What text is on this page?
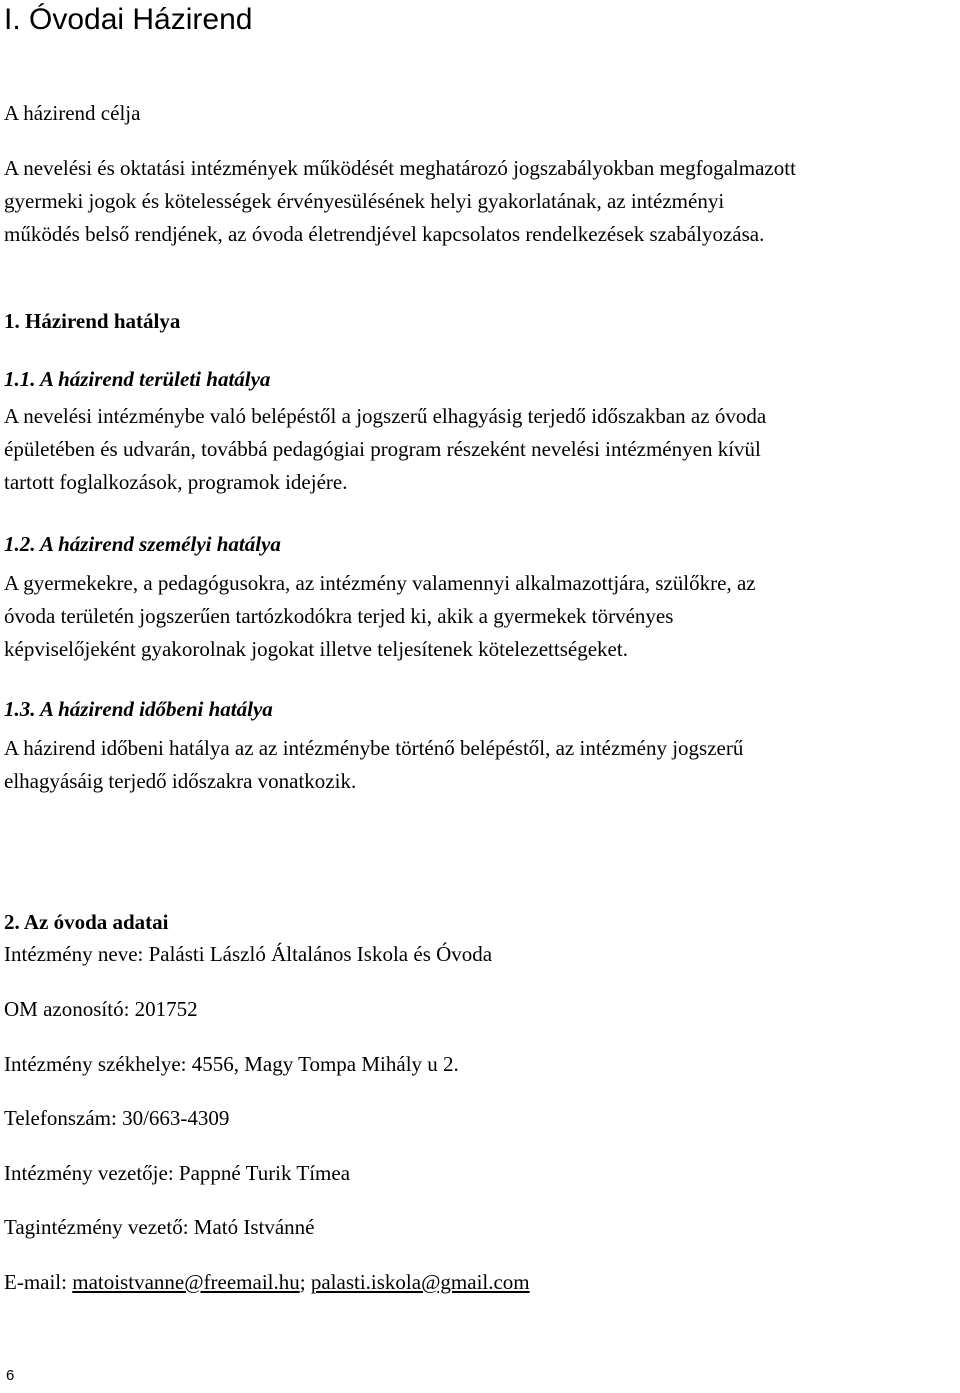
I. Óvodai Házirend
A házirend célja
A nevelési és oktatási intézmények működését meghatározó jogszabályokban megfogalmazott
gyermeki jogok és kötelességek érvényesülésének helyi gyakorlatának, az intézményi
működés belső rendjének, az óvoda életrendjével kapcsolatos rendelkezések szabályozása.
1. Házirend hatálya
1.1. A házirend területi hatálya
A nevelési intézménybe való belépéstől a jogszerű elhagyásig terjedő időszakban az óvoda
épületében és udvarán, továbbá pedagógiai program részeként nevelési intézményen kívül
tartott foglalkozások, programok idejére.
1.2. A házirend személyi hatálya
A gyermekekre, a pedagógusokra, az intézmény valamennyi alkalmazottjára, szülőkre, az
óvoda területén jogszerűen tartózkodókra terjed ki, akik a gyermekek törvényes
képviselőjeként gyakorolnak jogokat illetve teljesítenek kötelezettségeket.
1.3. A házirend időbeni hatálya
A házirend időbeni hatálya az az intézménybe történő belépéstől, az intézmény jogszerű
elhagyásáig terjedő időszakra vonatkozik.
2. Az óvoda adatai
Intézmény neve: Palásti László Általános Iskola és Óvoda
OM azonosító: 201752
Intézmény székhelye: 4556, Magy Tompa Mihály u 2.
Telefonszám: 30/663-4309
Intézmény vezetője: Pappné Turik Tímea
Tagintézmény vezető: Mató Istvánné
E-mail: matoistvanne@freemail.hu; palasti.iskola@gmail.com
6
